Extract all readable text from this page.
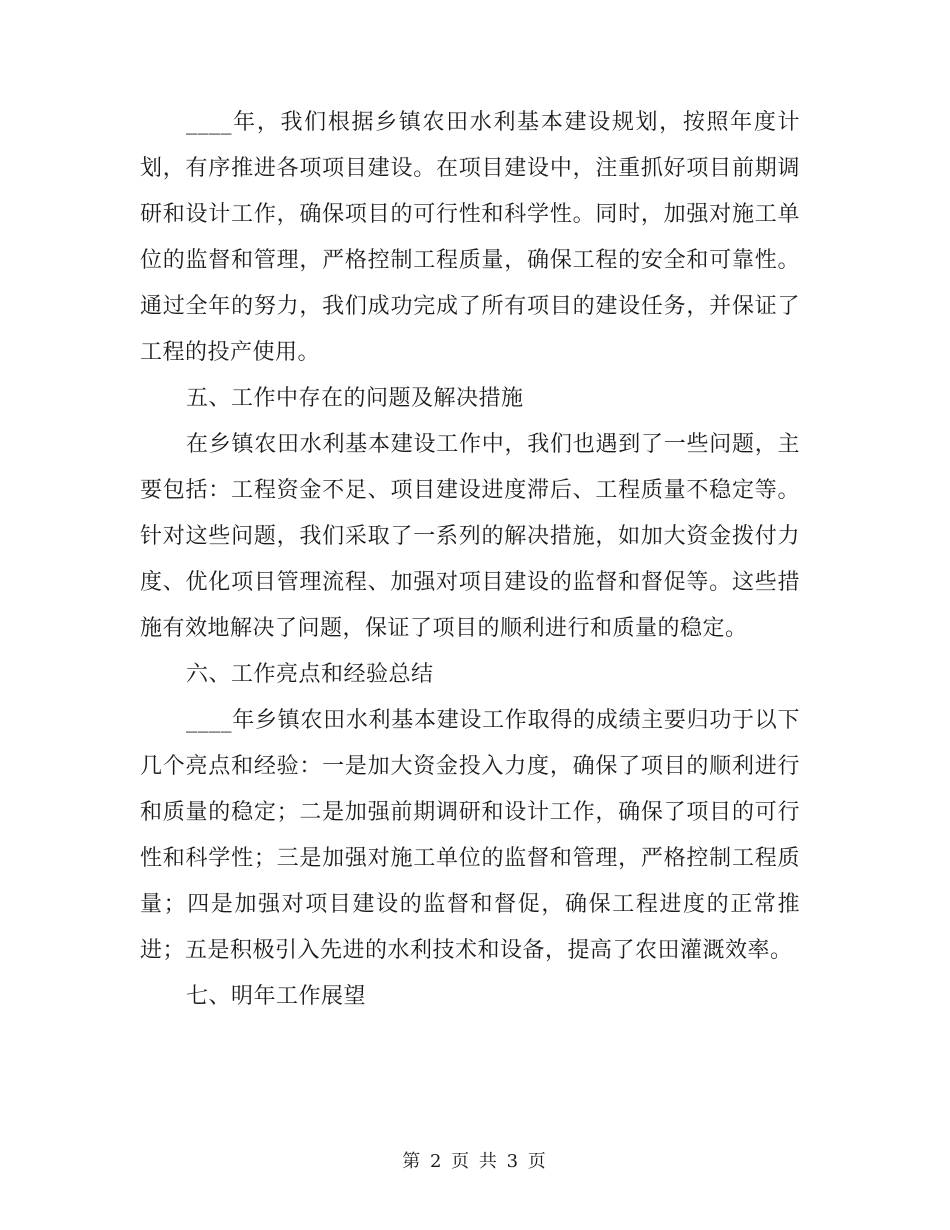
____年，我们根据乡镇农田水利基本建设规划，按照年度计划，有序推进各项项目建设。在项目建设中，注重抓好项目前期调研和设计工作，确保项目的可行性和科学性。同时，加强对施工单位的监督和管理，严格控制工程质量，确保工程的安全和可靠性。通过全年的努力，我们成功完成了所有项目的建设任务，并保证了工程的投产使用。

五、工作中存在的问题及解决措施

在乡镇农田水利基本建设工作中，我们也遇到了一些问题，主要包括：工程资金不足、项目建设进度滞后、工程质量不稳定等。针对这些问题，我们采取了一系列的解决措施，如加大资金拨付力度、优化项目管理流程、加强对项目建设的监督和督促等。这些措施有效地解决了问题，保证了项目的顺利进行和质量的稳定。

六、工作亮点和经验总结

____年乡镇农田水利基本建设工作取得的成绩主要归功于以下几个亮点和经验：一是加大资金投入力度，确保了项目的顺利进行和质量的稳定；二是加强前期调研和设计工作，确保了项目的可行性和科学性；三是加强对施工单位的监督和管理，严格控制工程质量；四是加强对项目建设的监督和督促，确保工程进度的正常推进；五是积极引入先进的水利技术和设备，提高了农田灌溉效率。

七、明年工作展望

第 2 页 共 3 页
